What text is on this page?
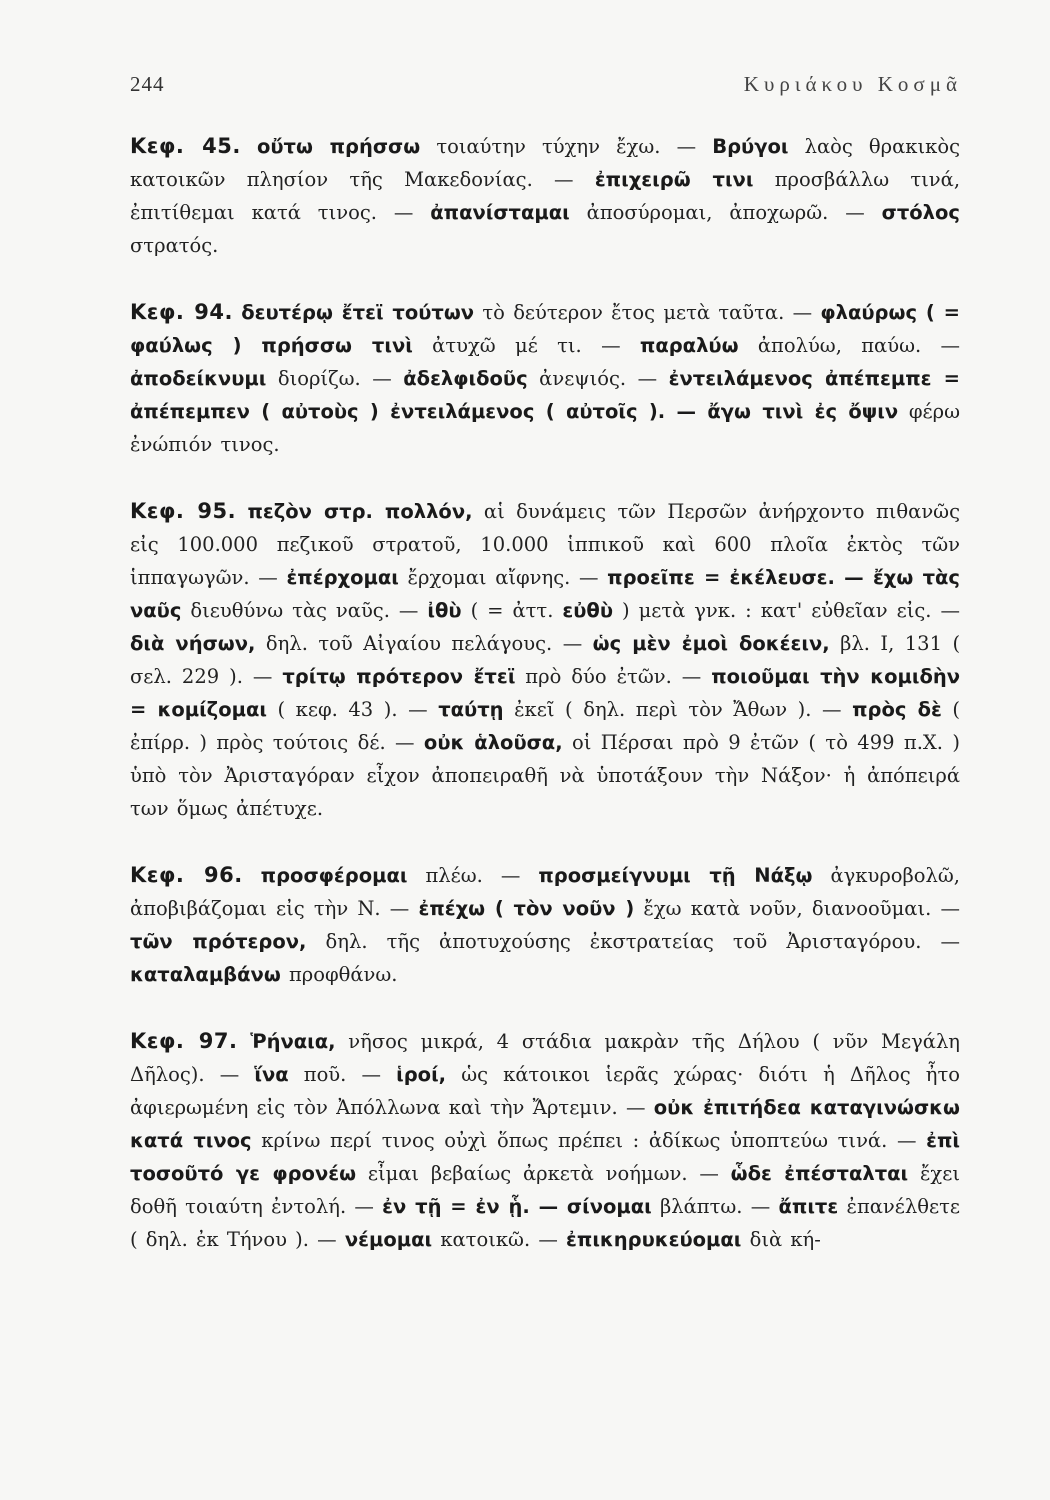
244	Κυριάκου Κοσμᾶ

Κεφ. 45. οὔτω πρήσσω τοιαύτην τύχην ἔχω. — Βρύγοι λαὸς θρακικὸς κατοικῶν πλησίον τῆς Μακεδονίας. — ἐπιχειρῶ τινι προσβάλλω τινά, ἐπιτίθεμαι κατά τινος. — ἀπανίσταμαι ἀποσύρομαι, ἀποχωρῶ. — στόλος στρατός.

Κεφ. 94. δευτέρῳ ἔτεϊ τούτων τὸ δεύτερον ἔτος μετὰ ταῦτα. — φλαύρως ( = φαύλως ) πρήσσω τινὶ ἀτυχῶ μέ τι. — παραλύω ἀπολύω, παύω. — ἀποδείκνυμι διορίζω. — ἀδελφιδοῦς ἀνεψιός. — ἐντειλάμενος ἀπέπεμπε = ἀπέπεμπεν ( αὐτοὺς ) ἐντειλάμενος ( αὐτοῖς ). — ἄγω τινὶ ἐς ὄψιν φέρω ἐνώπιόν τινος.

Κεφ. 95. πεζὸν στρ. πολλόν, αἱ δυνάμεις τῶν Περσῶν ἀνήρχοντο πιθανῶς εἰς 100.000 πεζικοῦ στρατοῦ, 10.000 ἱππικοῦ καὶ 600 πλοῖα ἐκτὸς τῶν ἱππαγωγῶν. — ἐπέρχομαι ἔρχομαι αἴφνης. — προεῖπε = ἐκέλευσε. — ἔχω τὰς ναῦς διευθύνω τὰς ναῦς. — ἰθὺ ( = ἀττ. εὐθὺ ) μετὰ γνκ. : κατ' εὐθεῖαν εἰς. — διὰ νήσων, δηλ. τοῦ Αἰγαίου πελάγους. — ὡς μὲν ἐμοὶ δοκέειν, βλ. I, 131 ( σελ. 229 ). — τρίτῳ πρότερον ἔτεϊ πρὸ δύο ἐτῶν. — ποιοῦμαι τὴν κομιδὴν = κομίζομαι ( κεφ. 43 ). — ταύτῃ ἐκεῖ ( δηλ. περὶ τὸν Ἄθων ). — πρὸς δὲ ( ἐπίρρ. ) πρὸς τούτοις δέ. — οὐκ ἁλοῦσα, οἱ Πέρσαι πρὸ 9 ἐτῶν ( τὸ 499 π.Χ. ) ὑπὸ τὸν Ἀρισταγόραν εἶχον ἀποπειραθῆ νὰ ὑποτάξουν τὴν Νάξον· ἡ ἀπόπειρά των ὅμως ἀπέτυχε.

Κεφ. 96. προσφέρομαι πλέω. — προσμείγνυμι τῇ Νάξῳ ἀγκυροβολῶ, ἀποβιβάζομαι εἰς τὴν Ν. — ἐπέχω ( τὸν νοῦν ) ἔχω κατὰ νοῦν, διανοοῦμαι. — τῶν πρότερον, δηλ. τῆς ἀποτυχούσης ἐκστρατείας τοῦ Ἀρισταγόρου. — καταλαμβάνω προφθάνω.

Κεφ. 97. Ῥήναια, νῆσος μικρά, 4 στάδια μακρὰν τῆς Δήλου ( νῦν Μεγάλη Δῆλος). — ἵνα ποῦ. — ἱροί, ὡς κάτοικοι ἱερᾶς χώρας· διότι ἡ Δῆλος ἦτο ἀφιερωμένη εἰς τὸν Ἀπόλλωνα καὶ τὴν Ἄρτεμιν. — οὐκ ἐπιτήδεα καταγινώσκω κατά τινος κρίνω περί τινος οὐχὶ ὅπως πρέπει : ἀδίκως ὑποπτεύω τινά. — ἐπὶ τοσοῦτό γε φρονέω εἶμαι βεβαίως ἀρκετὰ νοήμων. — ὧδε ἐπέσταλται ἔχει δοθῆ τοιαύτη ἐντολή. — ἐν τῇ = ἐν ᾗ. — σίνομαι βλάπτω. — ἄπιτε ἐπανέλθετε ( δηλ. ἐκ Τήνου ). — νέμομαι κατοικῶ. — ἐπικηρυκεύομαι διὰ κή-
